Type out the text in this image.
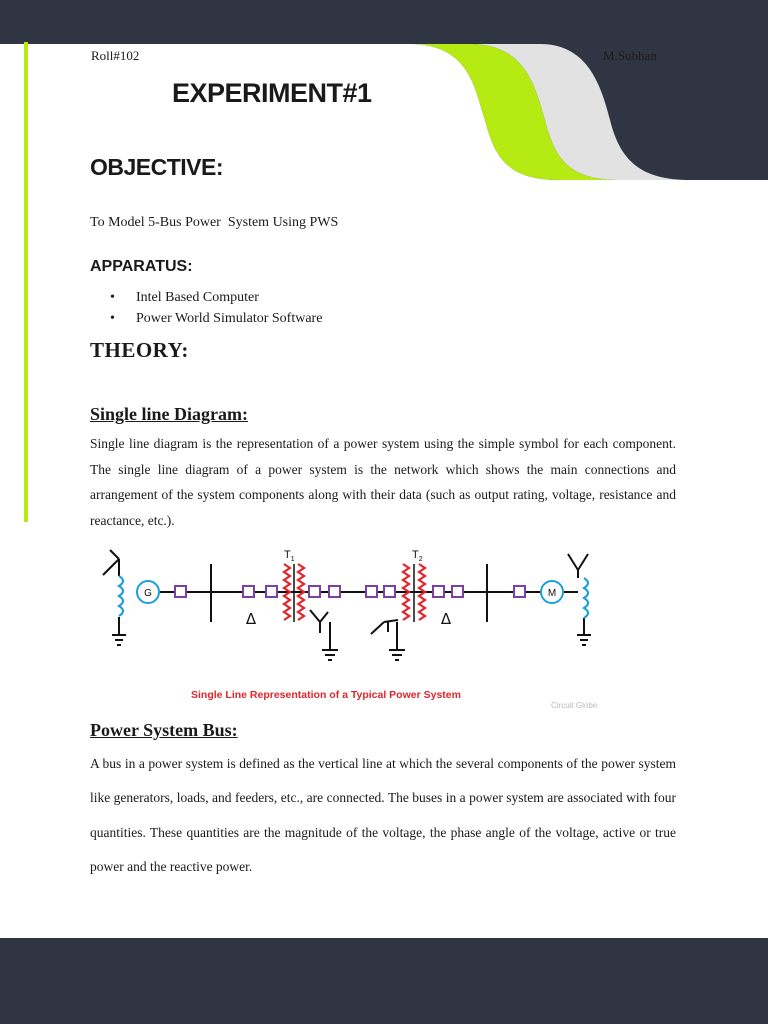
Roll#102	M.Subhan
EXPERIMENT#1
OBJECTIVE:
To Model 5-Bus Power  System Using PWS
APPARATUS:
• Intel Based Computer
• Power World Simulator Software
THEORY:
Single line Diagram:
Single line diagram is the representation of a power system using the simple symbol for each component. The single line diagram of a power system is the network which shows the main connections and arrangement of the system components along with their data (such as output rating, voltage, resistance and reactance, etc.).
G	M
Δ	Δ
$T_1$	$T_2$
Single Line Representation of a Typical Power System
Circuit Globe
Power System Bus:
A bus in a power system is defined as the vertical line at which the several components of the power system like generators, loads, and feeders, etc., are connected. The buses in a power system are associated with four quantities. These quantities are the magnitude of the voltage, the phase angle of the voltage, active or true power and the reactive power.
